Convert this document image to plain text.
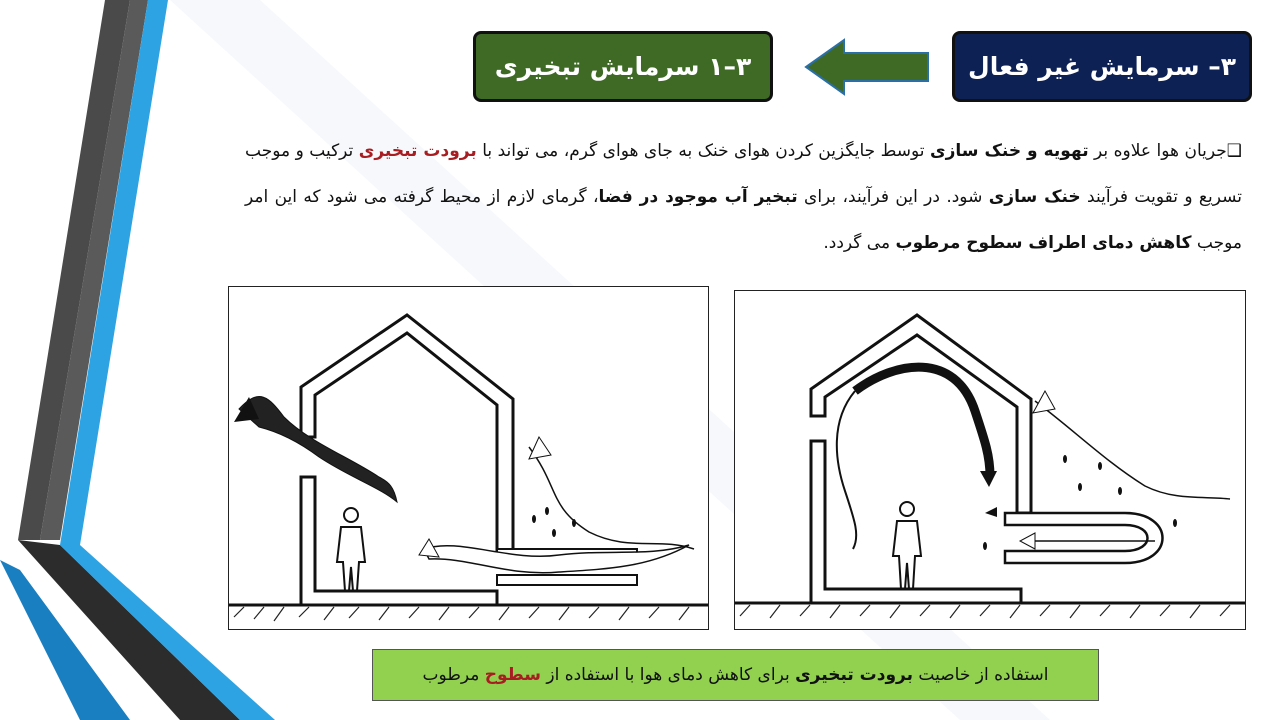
۳– سرمایش غیر فعال
۳–۱ سرمایش تبخیری
❑جریان هوا علاوه بر تهویه و خنک سازی توسط جایگزین کردن هوای خنک به جای هوای گرم، می تواند با برودت تبخیری ترکیب و موجب تسریع و تقویت فرآیند خنک سازی شود. در این فرآیند، برای تبخیر آب موجود در فضا، گرمای لازم از محیط گرفته می شود که این امر موجب کاهش دمای اطراف سطوح مرطوب می گردد.
استفاده از خاصیت برودت تبخیری برای کاهش دمای هوا با استفاده از سطوح مرطوب
